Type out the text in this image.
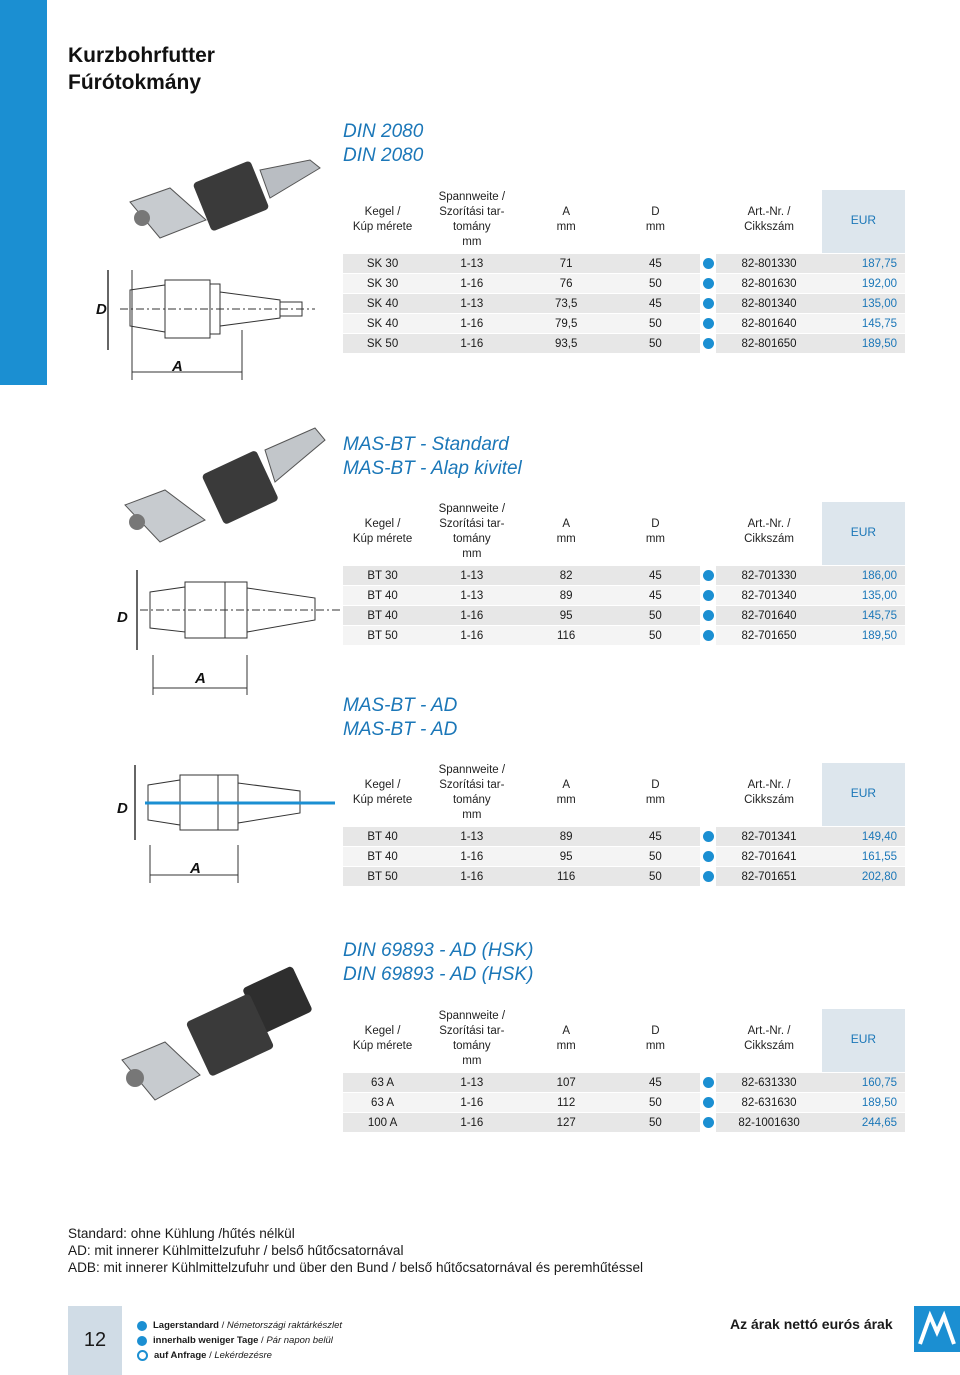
Kurzbohrfutter
Fúrótokmány
DIN 2080
DIN 2080
D
A
Kegel /
Kúp mérete	Spannweite /
Szorítási tar-
tomány
mm	A
mm	D
mm		Art.-Nr. /
Cikkszám	EUR
SK 30	1-13	71	45		82-801330	187,75
SK 30	1-16	76	50		82-801630	192,00
SK 40	1-13	73,5	45		82-801340	135,00
SK 40	1-16	79,5	50		82-801640	145,75
SK 50	1-16	93,5	50		82-801650	189,50
MAS-BT - Standard
MAS-BT - Alap kivitel
D
A
Kegel /
Kúp mérete	Spannweite /
Szorítási tar-
tomány
mm	A
mm	D
mm		Art.-Nr. /
Cikkszám	EUR
BT 30	1-13	82	45		82-701330	186,00
BT 40	1-13	89	45		82-701340	135,00
BT 40	1-16	95	50		82-701640	145,75
BT 50	1-16	116	50		82-701650	189,50
MAS-BT - AD
MAS-BT - AD
D
A
Kegel /
Kúp mérete	Spannweite /
Szorítási tar-
tomány
mm	A
mm	D
mm		Art.-Nr. /
Cikkszám	EUR
BT 40	1-13	89	45		82-701341	149,40
BT 40	1-16	95	50		82-701641	161,55
BT 50	1-16	116	50		82-701651	202,80
DIN 69893 - AD (HSK)
DIN 69893 - AD (HSK)
Kegel /
Kúp mérete	Spannweite /
Szorítási tar-
tomány
mm	A
mm	D
mm		Art.-Nr. /
Cikkszám	EUR
63 A	1-13	107	45		82-631330	160,75
63 A	1-16	112	50		82-631630	189,50
100 A	1-16	127	50		82-1001630	244,65
Standard: ohne Kühlung /hűtés nélkül
AD: mit innerer Kühlmittelzufuhr / belső hűtőcsatornával
ADB: mit innerer Kühlmittelzufuhr und über den Bund / belső hűtőcsatornával és peremhűtéssel
12
Lagerstandard / Németországi raktárkészlet
innerhalb weniger Tage / Pár napon belül
auf Anfrage / Lekérdezésre
Az árak nettó eurós árak
